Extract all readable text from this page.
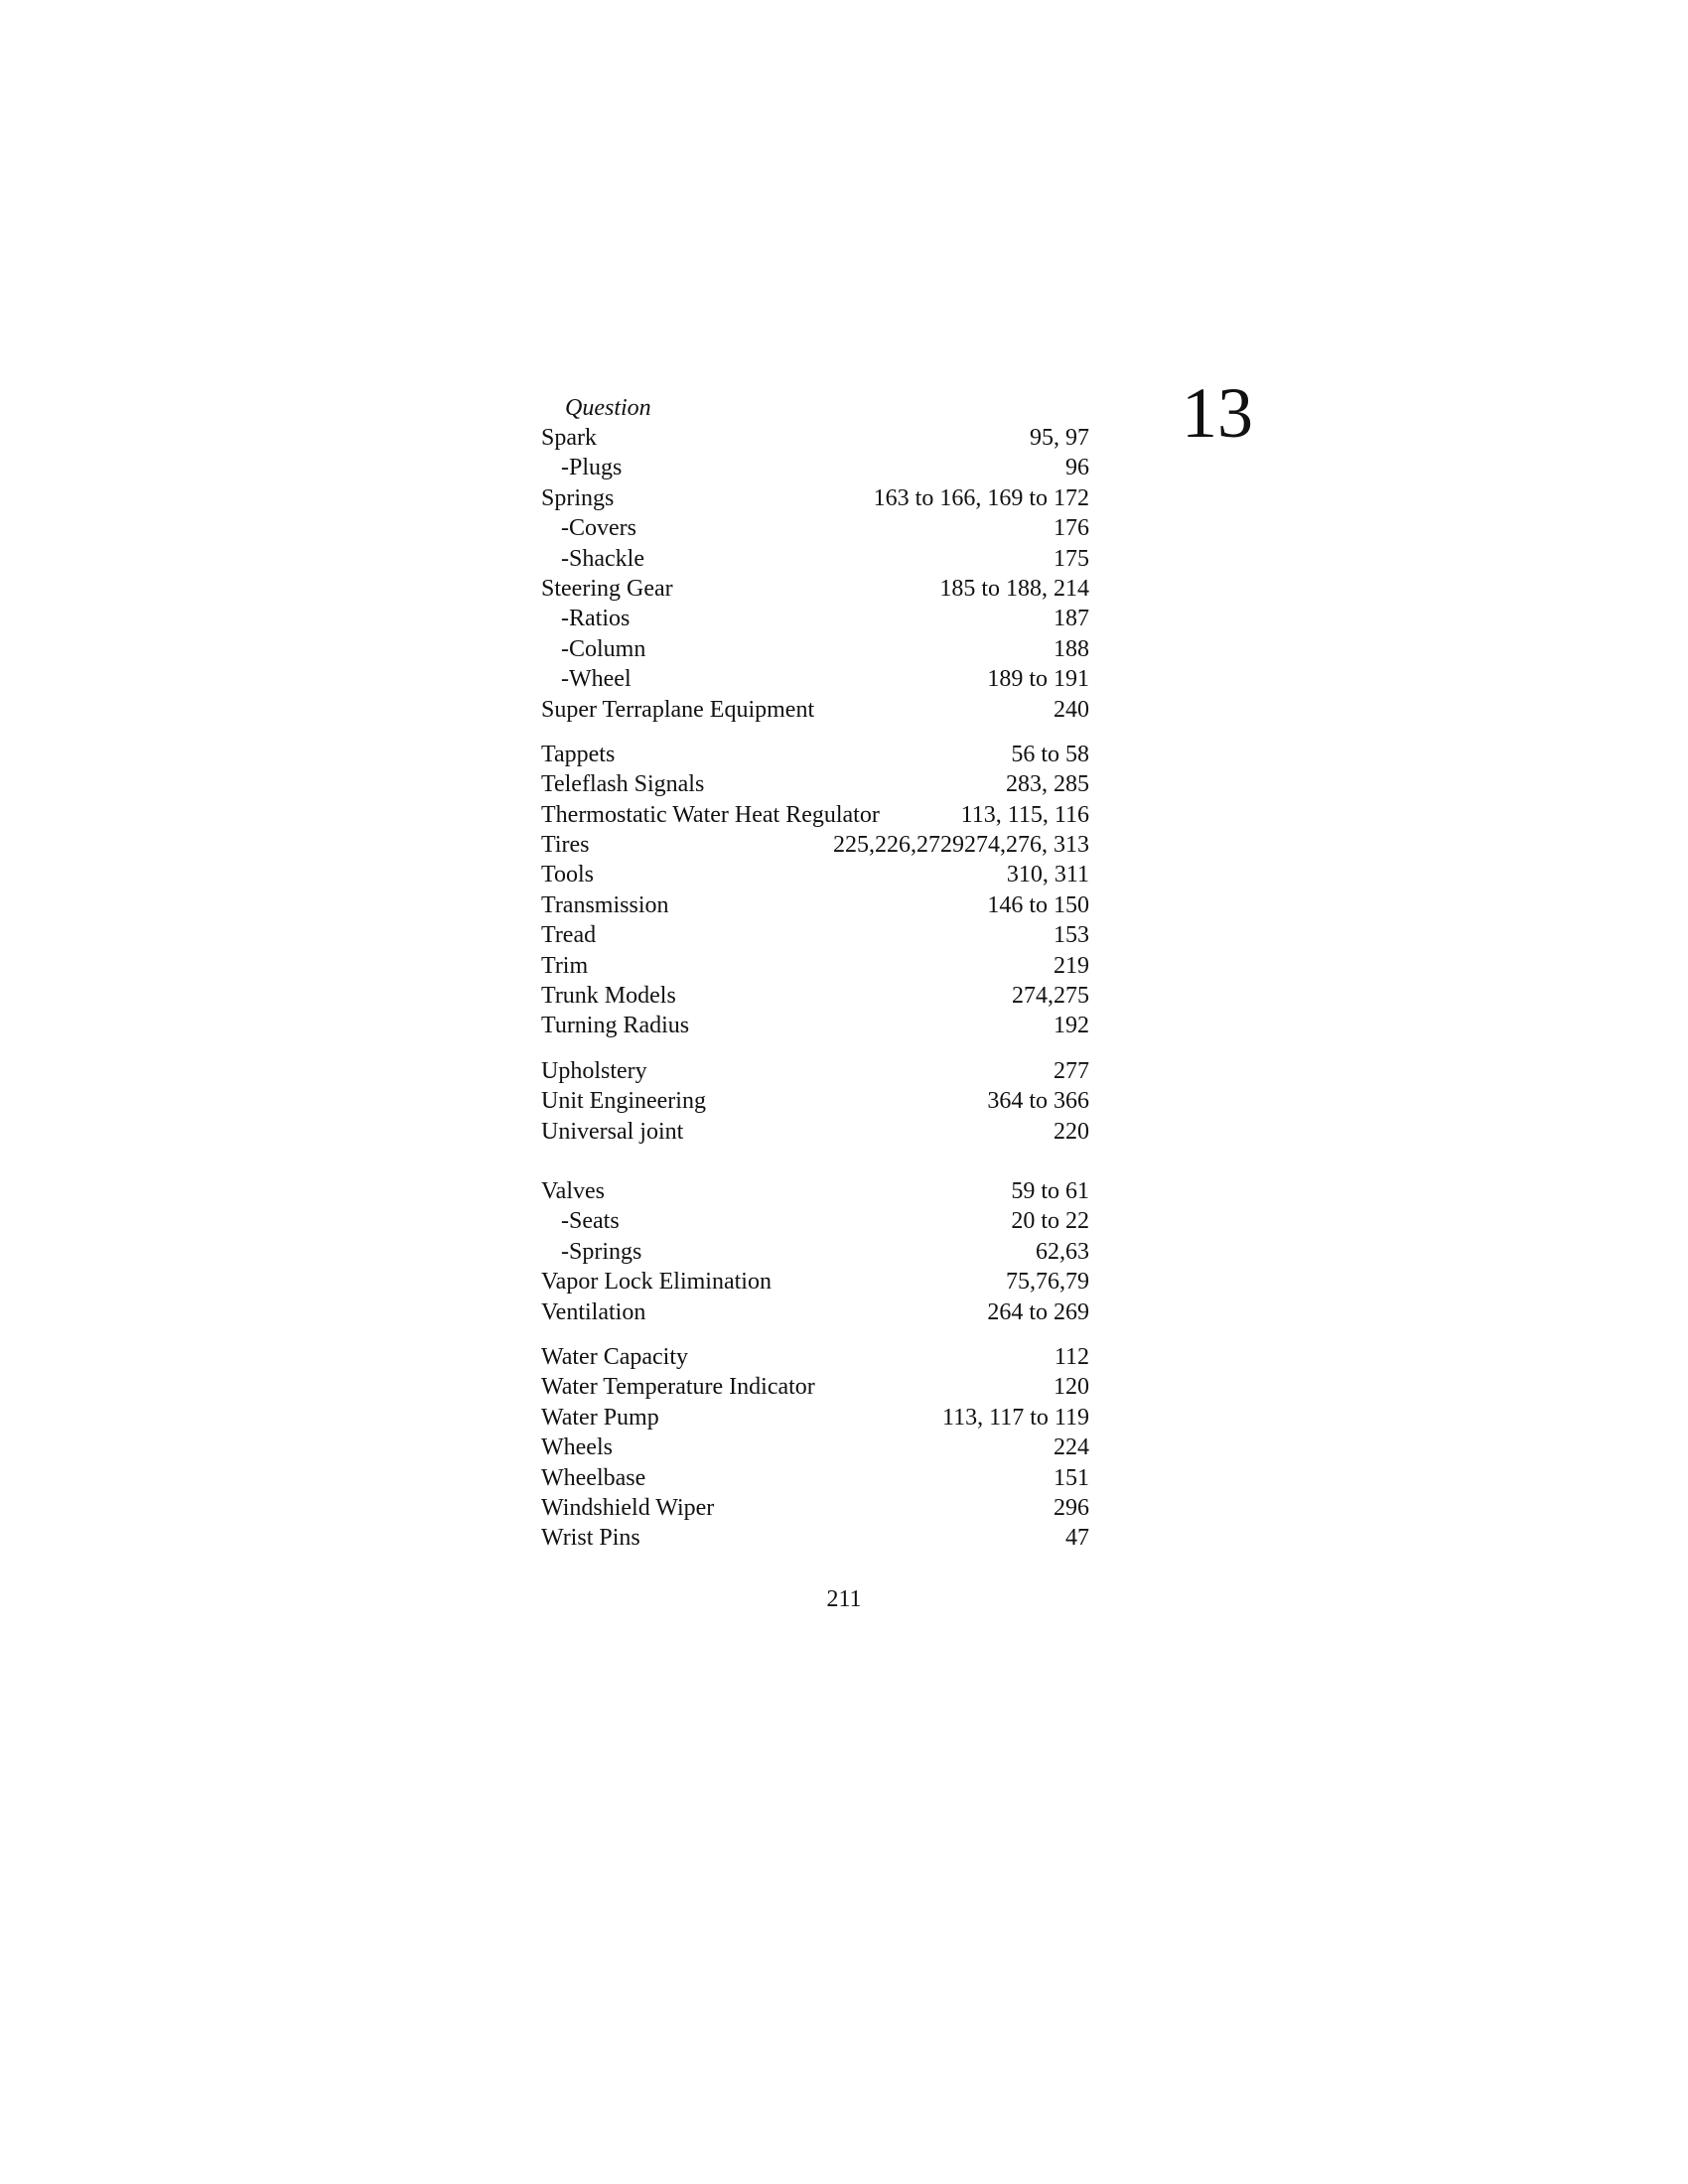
13
Question
Spark	95, 97
-Plugs	96
Springs	163 to 166, 169 to 172
-Covers	176
-Shackle	175
Steering Gear	185 to 188, 214
-Ratios	187
-Column	188
-Wheel	189 to 191
Super Terraplane Equipment	240
Tappets	56 to 58
Teleflash Signals	283, 285
Thermostatic Water Heat Regulator	113, 115, 116
Tires	225,226,2729274,276, 313
Tools	310, 311
Transmission	146 to 150
Tread	153
Trim	219
Trunk Models	274,275
Turning Radius	192
Upholstery	277
Unit Engineering	364 to 366
Universal joint	220
Valves	59 to 61
-Seats	20 to 22
-Springs	62,63
Vapor Lock Elimination	75,76,79
Ventilation	264 to 269
Water Capacity	112
Water Temperature Indicator	120
Water Pump	113, 117 to 119
Wheels	224
Wheelbase	151
Windshield Wiper	296
Wrist Pins	47
211
